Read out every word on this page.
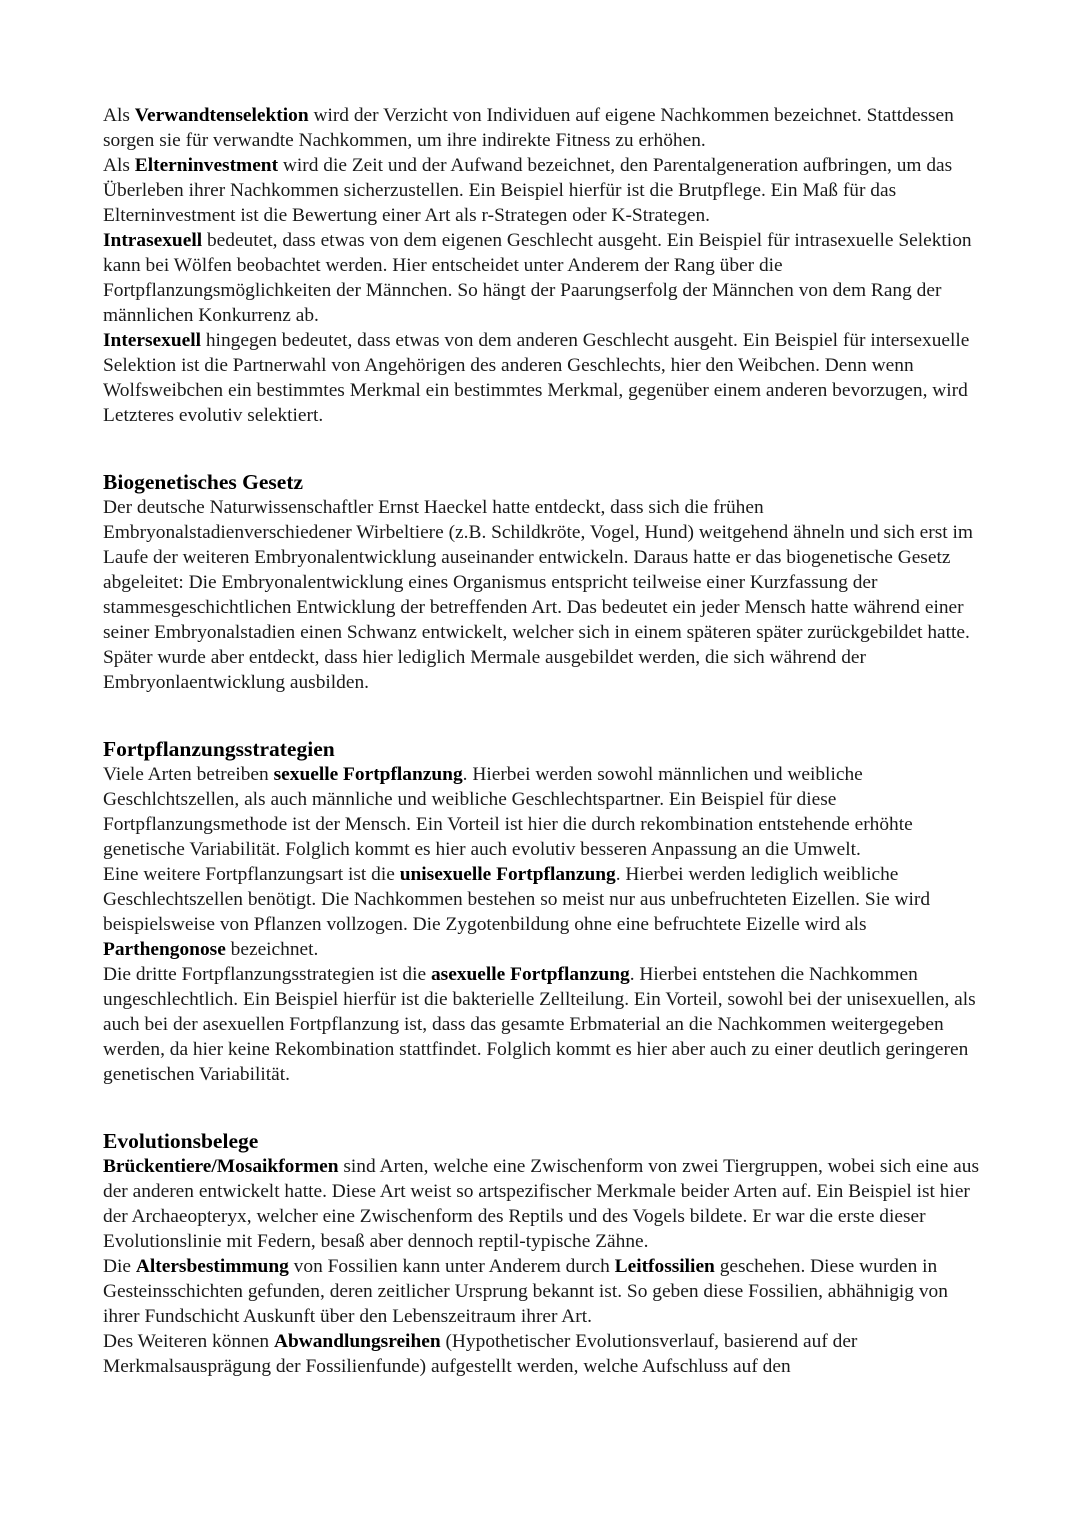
Als Verwandtenselektion wird der Verzicht von Individuen auf eigene Nachkommen bezeichnet. Stattdessen sorgen sie für verwandte Nachkommen, um ihre indirekte Fitness zu erhöhen.

Als Elterninvestment wird die Zeit und der Aufwand bezeichnet, den Parentalgeneration aufbringen, um das Überleben ihrer Nachkommen sicherzustellen. Ein Beispiel hierfür ist die Brutpflege. Ein Maß für das Elterninvestment ist die Bewertung einer Art als r-Strategen oder K-Strategen.

Intrasexuell bedeutet, dass etwas von dem eigenen Geschlecht ausgeht. Ein Beispiel für intrasexuelle Selektion kann bei Wölfen beobachtet werden. Hier entscheidet unter Anderem der Rang über die Fortpflanzungsmöglichkeiten der Männchen. So hängt der Paarungserfolg der Männchen von dem Rang der männlichen Konkurrenz ab.

Intersexuell hingegen bedeutet, dass etwas von dem anderen Geschlecht ausgeht. Ein Beispiel für intersexuelle Selektion ist die Partnerwahl von Angehörigen des anderen Geschlechts, hier den Weibchen. Denn wenn Wolfsweibchen ein bestimmtes Merkmal ein bestimmtes Merkmal, gegenüber einem anderen bevorzugen, wird Letzteres evolutiv selektiert.

Biogenetisches Gesetz

Der deutsche Naturwissenschaftler Ernst Haeckel hatte entdeckt, dass sich die frühen Embryonalstadienverschiedener Wirbeltiere (z.B. Schildkröte, Vogel, Hund) weitgehend ähneln und sich erst im Laufe der weiteren Embryonalentwicklung auseinander entwickeln. Daraus hatte er das biogenetische Gesetz abgeleitet: Die Embryonalentwicklung eines Organismus entspricht teilweise einer Kurzfassung der stammesgeschichtlichen Entwicklung der betreffenden Art. Das bedeutet ein jeder Mensch hatte während einer seiner Embryonalstadien einen Schwanz entwickelt, welcher sich in einem späteren später zurückgebildet hatte. Später wurde aber entdeckt, dass hier lediglich Mermale ausgebildet werden, die sich während der Embryonlaentwicklung ausbilden.

Fortpflanzungsstrategien

Viele Arten betreiben sexuelle Fortpflanzung. Hierbei werden sowohl männlichen und weibliche Geschlchtszellen, als auch männliche und weibliche Geschlechtspartner. Ein Beispiel für diese Fortpflanzungsmethode ist der Mensch. Ein Vorteil ist hier die durch rekombination entstehende erhöhte genetische Variabilität. Folglich kommt es hier auch evolutiv besseren Anpassung an die Umwelt.

Eine weitere Fortpflanzungsart ist die unisexuelle Fortpflanzung. Hierbei werden lediglich weibliche Geschlechtszellen benötigt. Die Nachkommen bestehen so meist nur aus unbefruchteten Eizellen. Sie wird beispielsweise von Pflanzen vollzogen. Die Zygotenbildung ohne eine befruchtete Eizelle wird als Parthengonose bezeichnet.

Die dritte Fortpflanzungsstrategien ist die asexuelle Fortpflanzung. Hierbei entstehen die Nachkommen ungeschlechtlich. Ein Beispiel hierfür ist die bakterielle Zellteilung. Ein Vorteil, sowohl bei der unisexuellen, als auch bei der asexuellen Fortpflanzung ist, dass das gesamte Erbmaterial an die Nachkommen weitergegeben werden, da hier keine Rekombination stattfindet. Folglich kommt es hier aber auch zu einer deutlich geringeren genetischen Variabilität.

Evolutionsbelege

Brückentiere/Mosaikformen sind Arten, welche eine Zwischenform von zwei Tiergruppen, wobei sich eine aus der anderen entwickelt hatte. Diese Art weist so artspezifischer Merkmale beider Arten auf. Ein Beispiel ist hier der Archaeopteryx, welcher eine Zwischenform des Reptils und des Vogels bildete. Er war die erste dieser Evolutionslinie mit Federn, besaß aber dennoch reptil-typische Zähne.

Die Altersbestimmung von Fossilien kann unter Anderem durch Leitfossilien geschehen. Diese wurden in Gesteinsschichten gefunden, deren zeitlicher Ursprung bekannt ist. So geben diese Fossilien, abhähnigig von ihrer Fundschicht Auskunft über den Lebenszeitraum ihrer Art.

Des Weiteren können Abwandlungsreihen (Hypothetischer Evolutionsverlauf, basierend auf der Merkmalsausprägung der Fossilienfunde) aufgestellt werden, welche Aufschluss auf den
